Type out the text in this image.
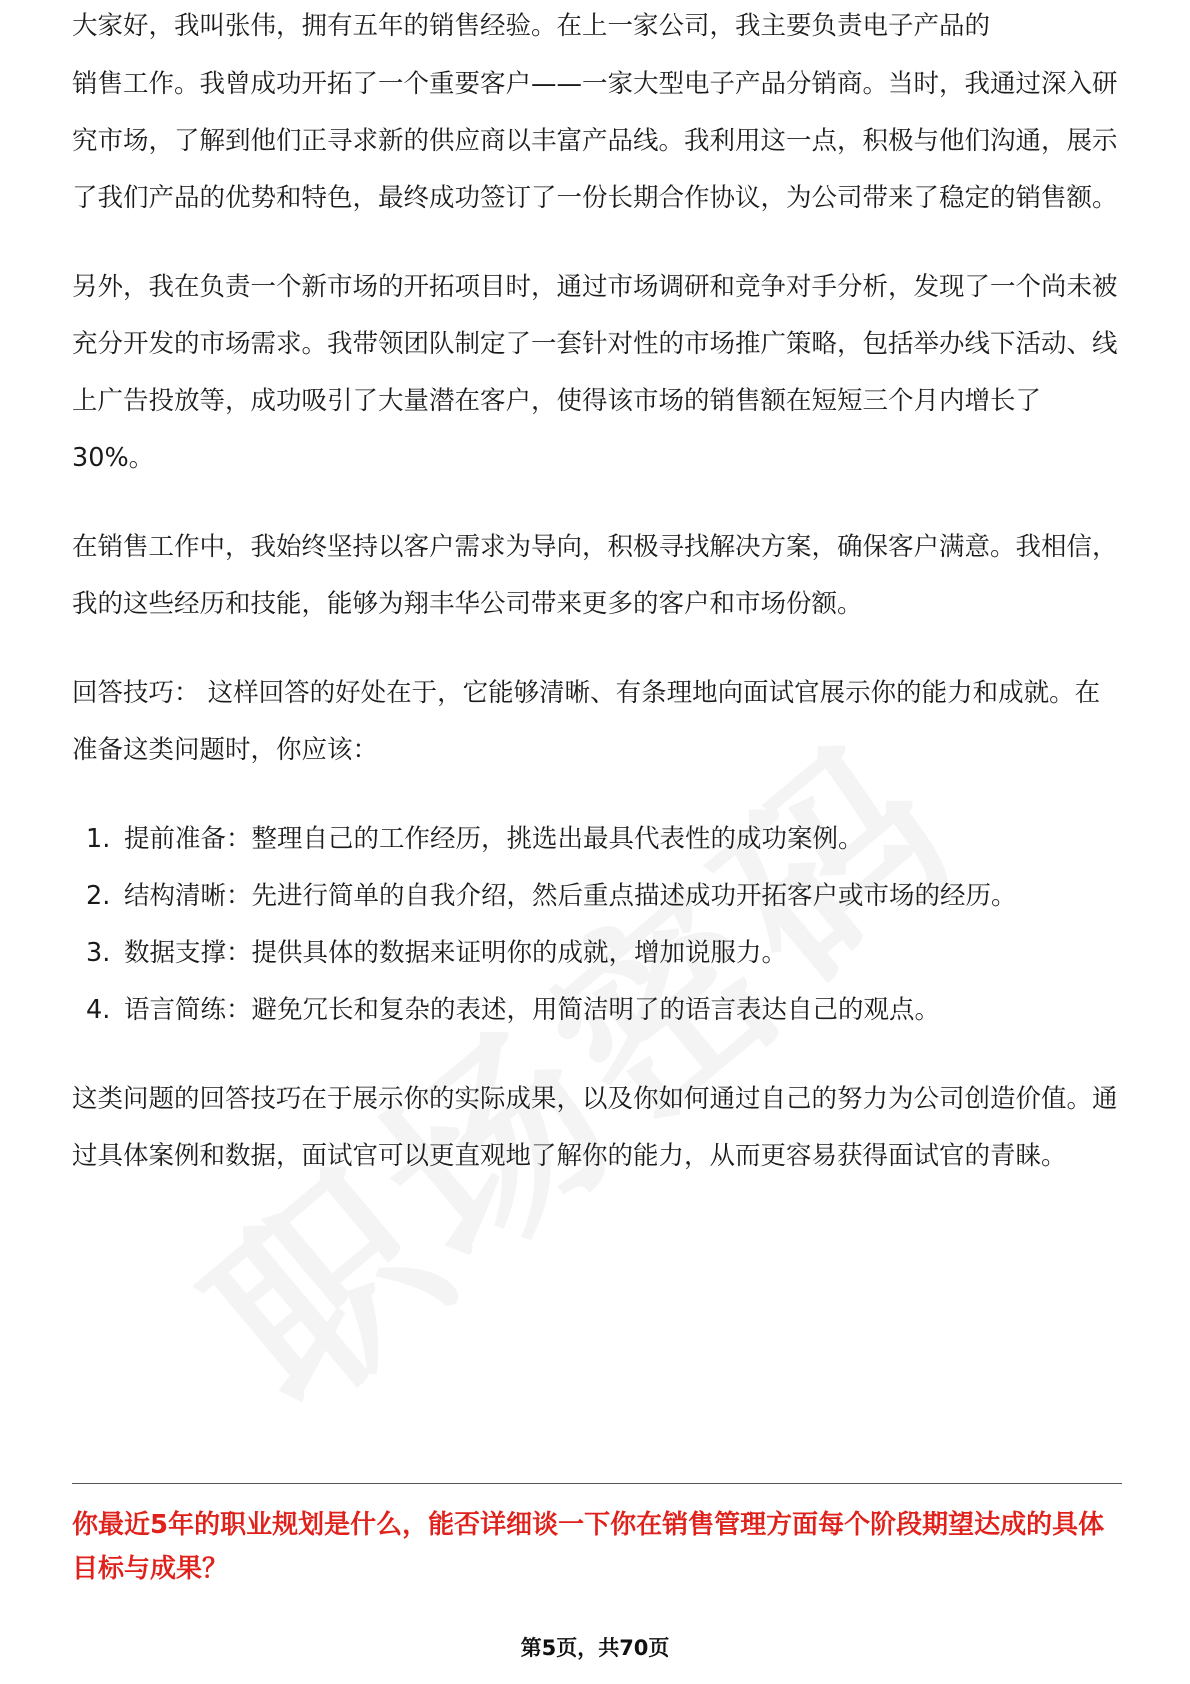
大家好，我叫张伟，拥有五年的销售经验。在上一家公司，我主要负责电子产品的

销售工作。我曾成功开拓了一个重要客户——一家大型电子产品分销商。当时，我通过深入研究市场，了解到他们正寻求新的供应商以丰富产品线。我利用这一点，积极与他们沟通，展示了我们产品的优势和特色，最终成功签订了一份长期合作协议，为公司带来了稳定的销售额。

另外，我在负责一个新市场的开拓项目时，通过市场调研和竞争对手分析，发现了一个尚未被充分开发的市场需求。我带领团队制定了一套针对性的市场推广策略，包括举办线下活动、线上广告投放等，成功吸引了大量潜在客户，使得该市场的销售额在短短三个月内增长了30%。

在销售工作中，我始终坚持以客户需求为导向，积极寻找解决方案，确保客户满意。我相信，我的这些经历和技能，能够为翔丰华公司带来更多的客户和市场份额。

回答技巧： 这样回答的好处在于，它能够清晰、有条理地向面试官展示你的能力和成就。在准备这类问题时，你应该：

1. 提前准备：整理自己的工作经历，挑选出最具代表性的成功案例。
2. 结构清晰：先进行简单的自我介绍，然后重点描述成功开拓客户或市场的经历。
3. 数据支撑：提供具体的数据来证明你的成就，增加说服力。
4. 语言简练：避免冗长和复杂的表述，用简洁明了的语言表达自己的观点。

这类问题的回答技巧在于展示你的实际成果，以及你如何通过自己的努力为公司创造价值。通过具体案例和数据，面试官可以更直观地了解你的能力，从而更容易获得面试官的青睐。

你最近5年的职业规划是什么，能否详细谈一下你在销售管理方面每个阶段期望达成的具体目标与成果？

第5页，共70页
